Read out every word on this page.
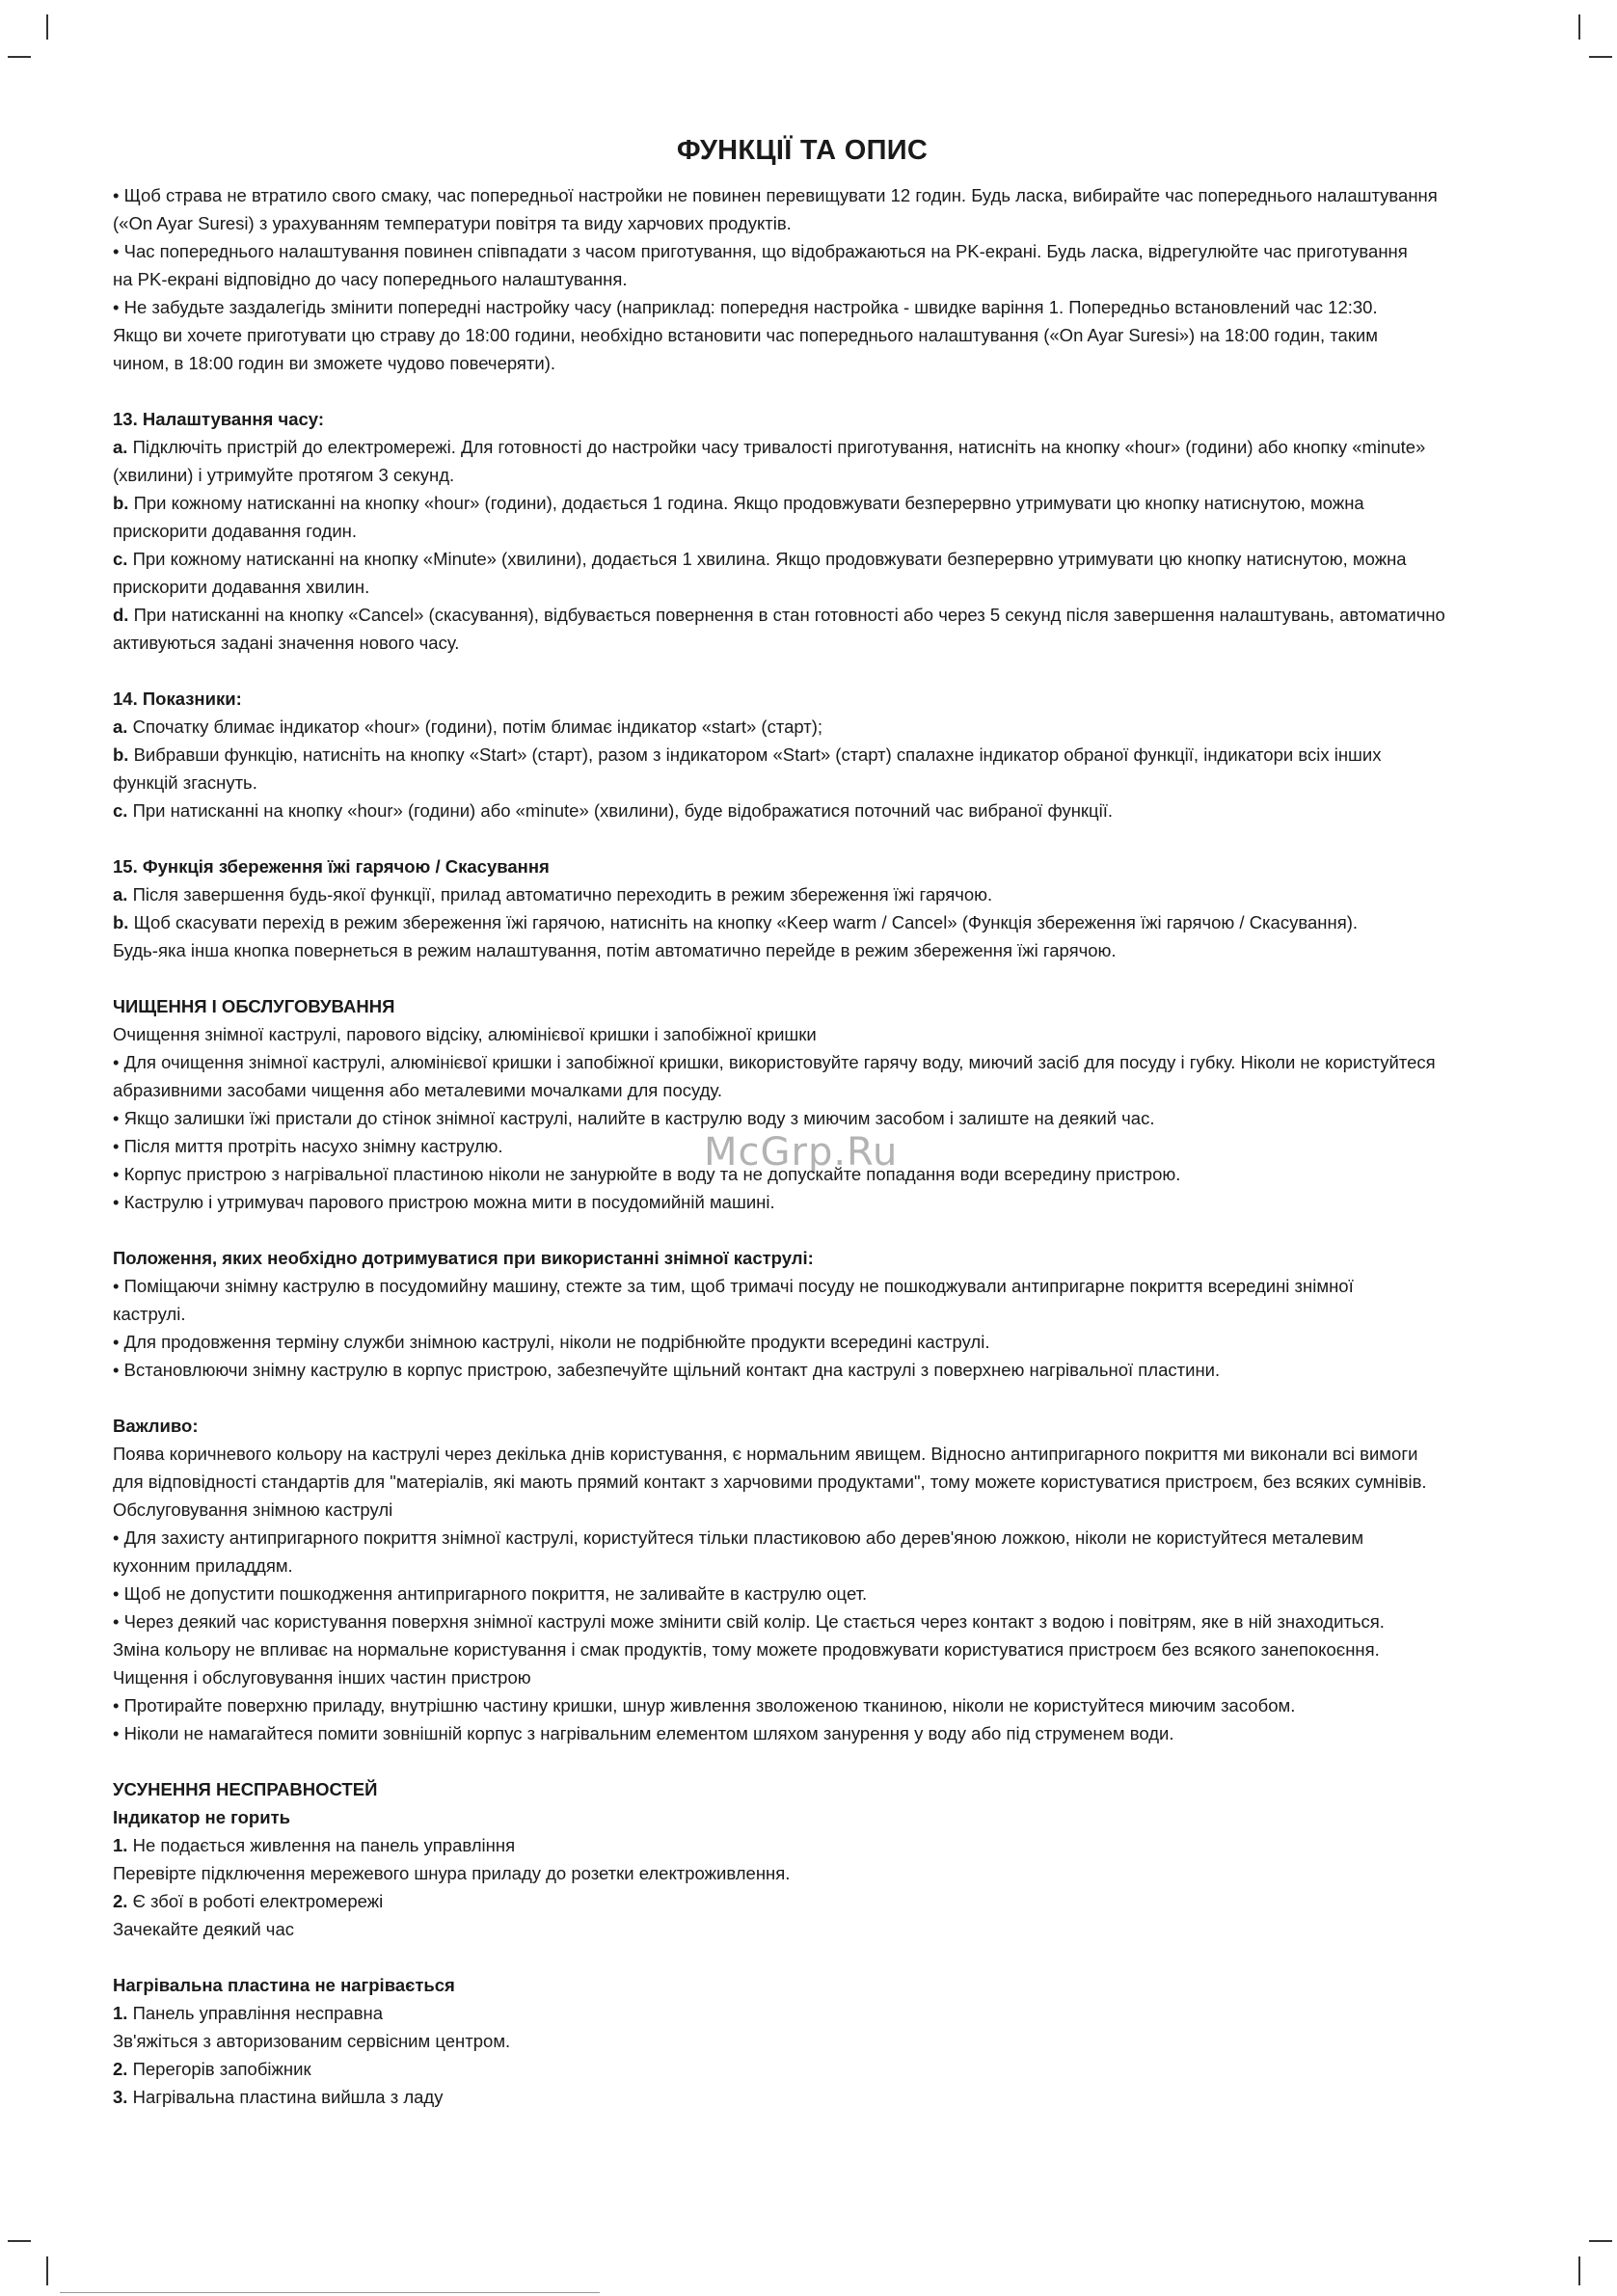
McGrp.Ru
ФУНКЦІЇ ТА ОПИС

• Щоб страва не втратило свого смаку, час попередньої настройки не повинен перевищувати 12 годин. Будь ласка, вибирайте час попереднього налаштування

(«On Ayar Suresi) з урахуванням температури повітря та виду харчових продуктів.

• Час попереднього налаштування повинен співпадати з часом приготування, що відображаються на PK-екрані. Будь ласка, відрегулюйте час приготування

на PK-екрані відповідно до часу попереднього налаштування.

• Не забудьте заздалегідь змінити попередні настройку часу (наприклад: попередня настройка - швидке варіння 1. Попередньо встановлений час 12:30.

Якщо ви хочете приготувати цю страву до 18:00 години, необхідно встановити час попереднього налаштування («On Ayar Suresi») на 18:00 годин, таким

чином, в 18:00 годин ви зможете чудово повечеряти).

13. Налаштування часу:

a. Підключіть пристрій до електромережі. Для готовності до настройки часу тривалості приготування, натисніть на кнопку «hour» (години) або кнопку «minute»

(хвилини) і утримуйте протягом 3 секунд.

b. При кожному натисканні на кнопку «hour» (години), додається 1 година. Якщо продовжувати безперервно утримувати цю кнопку натиснутою, можна

прискорити додавання годин.

c. При кожному натисканні на кнопку «Minute» (хвилини), додається 1 хвилина. Якщо продовжувати безперервно утримувати цю кнопку натиснутою, можна

прискорити додавання хвилин.

d. При натисканні на кнопку «Cancel» (скасування), відбувається повернення в стан готовності або через 5 секунд після завершення налаштувань, автоматично

активуються задані значення нового часу.

14. Показники:

a. Спочатку блимає індикатор «hour» (години), потім блимає індикатор «start» (старт);

b. Вибравши функцію, натисніть на кнопку «Start» (старт), разом з індикатором «Start» (старт) спалахне індикатор обраної функції, індикатори всіх інших

функцій згаснуть.

c. При натисканні на кнопку «hour» (години) або «minute» (хвилини), буде відображатися поточний час вибраної функції.

15. Функція збереження їжі гарячою / Скасування

a. Після завершення будь-якої функції, прилад автоматично переходить в режим збереження їжі гарячою.

b. Щоб скасувати перехід в режим збереження їжі гарячою, натисніть на кнопку «Keep warm / Cancel» (Функція збереження їжі гарячою / Скасування).

Будь-яка інша кнопка повернеться в режим налаштування, потім автоматично перейде в режим збереження їжі гарячою.

ЧИЩЕННЯ І ОБСЛУГОВУВАННЯ

Очищення знімної каструлі, парового відсіку, алюмінієвої кришки і запобіжної кришки

• Для очищення знімної каструлі, алюмінієвої кришки і запобіжної кришки, використовуйте гарячу воду, миючий засіб для посуду і губку. Ніколи не користуйтеся

абразивними засобами чищення або металевими мочалками для посуду.

• Якщо залишки їжі пристали до стінок знімної каструлі, налийте в каструлю воду з миючим засобом і залиште на деякий час.

• Після миття протріть насухо знімну каструлю.

• Корпус пристрою з нагрівальної пластиною ніколи не занурюйте в воду та не допускайте попадання води всередину пристрою.

• Каструлю і утримувач парового пристрою можна мити в посудомийній машині.

Положення, яких необхідно дотримуватися при використанні знімної каструлі:

• Поміщаючи знімну каструлю в посудомийну машину, стежте за тим, щоб тримачі посуду не пошкоджували антипригарне покриття всередині знімної

каструлі.

• Для продовження терміну служби знімною каструлі, ніколи не подрібнюйте продукти всередині каструлі.

• Встановлюючи знімну каструлю в корпус пристрою, забезпечуйте щільний контакт дна каструлі з поверхнею нагрівальної пластини.

Важливо:

Поява коричневого кольору на каструлі через декілька днів користування, є нормальним явищем. Відносно антипригарного покриття ми виконали всі вимоги

для відповідності стандартів для "матеріалів, які мають прямий контакт з харчовими продуктами", тому можете користуватися пристроєм, без всяких сумнівів.

Обслуговування знімною каструлі

• Для захисту антипригарного покриття знімної каструлі, користуйтеся тільки пластиковою або дерев'яною ложкою, ніколи не користуйтеся металевим

кухонним приладдям.

• Щоб не допустити пошкодження антипригарного покриття, не заливайте в каструлю оцет.

• Через деякий час користування поверхня знімної каструлі може змінити свій колір. Це стається через контакт з водою і повітрям, яке в ній знаходиться.

Зміна кольору не впливає на нормальне користування і смак продуктів, тому можете продовжувати користуватися пристроєм без всякого занепокоєння.

Чищення і обслуговування інших частин пристрою

• Протирайте поверхню приладу, внутрішню частину кришки, шнур живлення зволоженою тканиною, ніколи не користуйтеся миючим засобом.

• Ніколи не намагайтеся помити зовнішній корпус з нагрівальним елементом шляхом занурення у воду або під струменем води.

УСУНЕННЯ НЕСПРАВНОСТЕЙ

Індикатор не горить

1. Не подається живлення на панель управління

Перевірте підключення мережевого шнура приладу до розетки електроживлення.

2. Є збої в роботі електромережі

Зачекайте деякий час

Нагрівальна пластина не нагрівається

1. Панель управління несправна

Зв'яжіться з авторизованим сервісним центром.

2. Перегорів запобіжник

3. Нагрівальна пластина вийшла з ладу
